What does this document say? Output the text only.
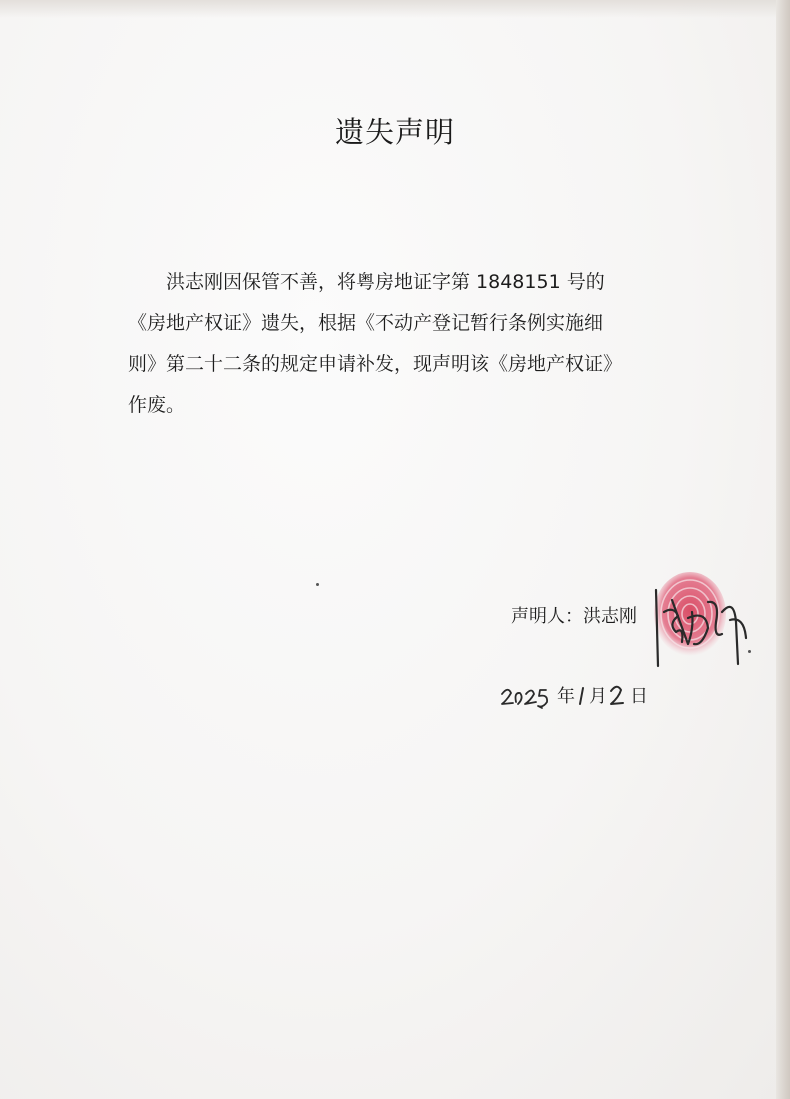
遗失声明
洪志刚因保管不善，将粤房地证字第 1848151 号的
《房地产权证》遗失，根据《不动产登记暂行条例实施细
则》第二十二条的规定申请补发，现声明该《房地产权证》
作废。
声明人：洪志刚
年 月 日
